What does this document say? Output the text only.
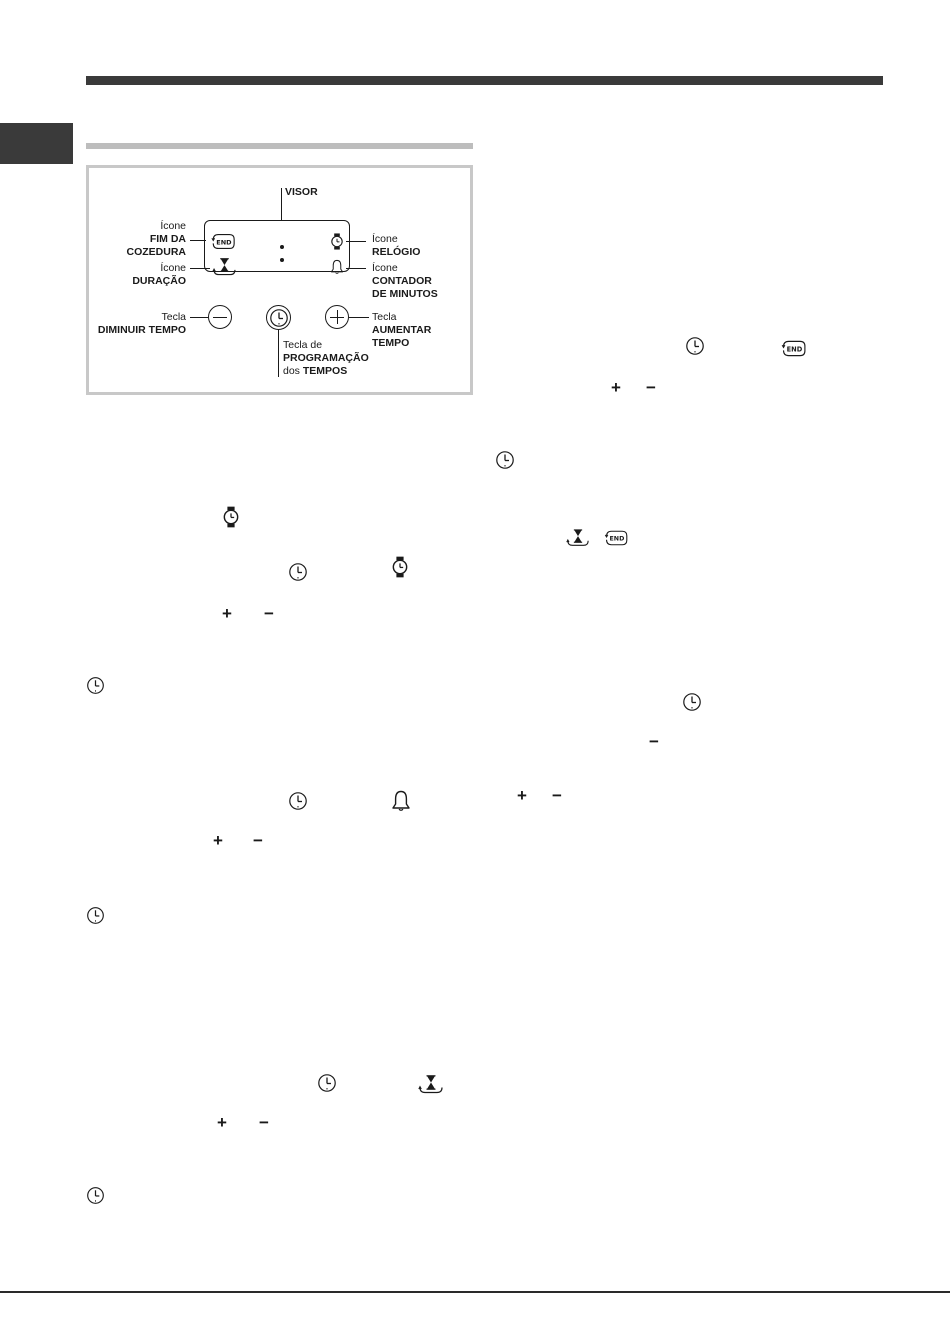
VISOR
Ícone
FIM DA
COZEDURA
Ícone
DURAÇÃO
Ícone
RELÓGIO
Ícone
CONTADOR
DE MINUTOS
Tecla
DIMINUIR TEMPO
Tecla
AUMENTAR
TEMPO
Tecla de
PROGRAMAÇÃO
dos TEMPOS
+ −
+ −
+ −
+ −
−
+ −
